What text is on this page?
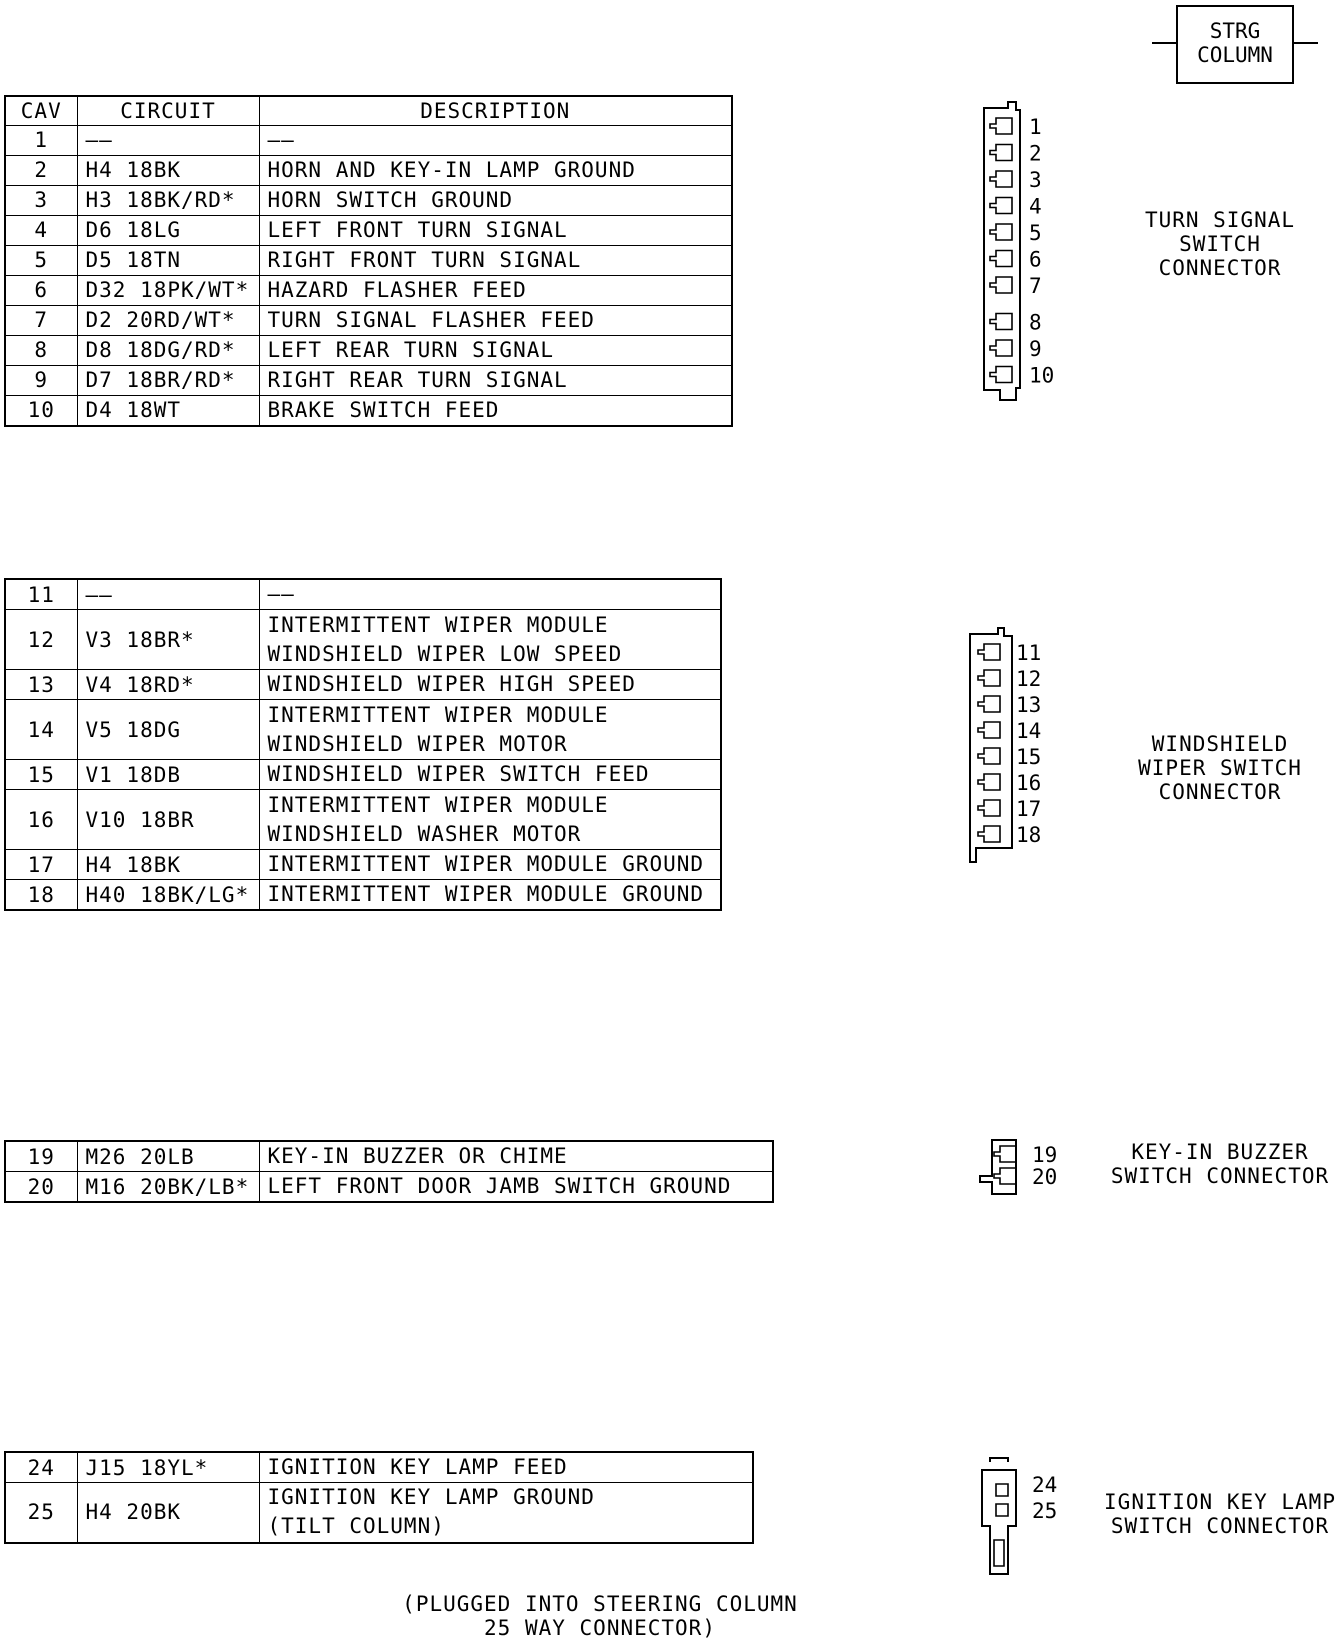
STRG
COLUMN
CAV	CIRCUIT	DESCRIPTION
1	——	——
2	H4 18BK	HORN AND KEY-IN LAMP GROUND
3	H3 18BK/RD*	HORN SWITCH GROUND
4	D6 18LG	LEFT FRONT TURN SIGNAL
5	D5 18TN	RIGHT FRONT TURN SIGNAL
6	D32 18PK/WT*	HAZARD FLASHER FEED
7	D2 20RD/WT*	TURN SIGNAL FLASHER FEED
8	D8 18DG/RD*	LEFT REAR TURN SIGNAL
9	D7 18BR/RD*	RIGHT REAR TURN SIGNAL
10	D4 18WT	BRAKE SWITCH FEED
11	——	——
12	V3 18BR*	INTERMITTENT WIPER MODULE
WINDSHIELD WIPER LOW SPEED
13	V4 18RD*	WINDSHIELD WIPER HIGH SPEED
14	V5 18DG	INTERMITTENT WIPER MODULE
WINDSHIELD WIPER MOTOR
15	V1 18DB	WINDSHIELD WIPER SWITCH FEED
16	V10 18BR	INTERMITTENT WIPER MODULE
WINDSHIELD WASHER MOTOR
17	H4 18BK	INTERMITTENT WIPER MODULE GROUND
18	H40 18BK/LG*	INTERMITTENT WIPER MODULE GROUND
19	M26 20LB	KEY-IN BUZZER OR CHIME
20	M16 20BK/LB*	LEFT FRONT DOOR JAMB SWITCH GROUND
24	J15 18YL*	IGNITION KEY LAMP FEED
25	H4 20BK	IGNITION KEY LAMP GROUND
(TILT COLUMN)
1
2
3
4
5
6
7
8
9
10
TURN SIGNAL
SWITCH
CONNECTOR
11
12
13
14
15
16
17
18
WINDSHIELD
WIPER SWITCH
CONNECTOR
19
20
KEY-IN BUZZER
SWITCH CONNECTOR
24
25	IGNITION KEY LAMP
SWITCH CONNECTOR
(PLUGGED INTO STEERING COLUMN
25 WAY CONNECTOR)
